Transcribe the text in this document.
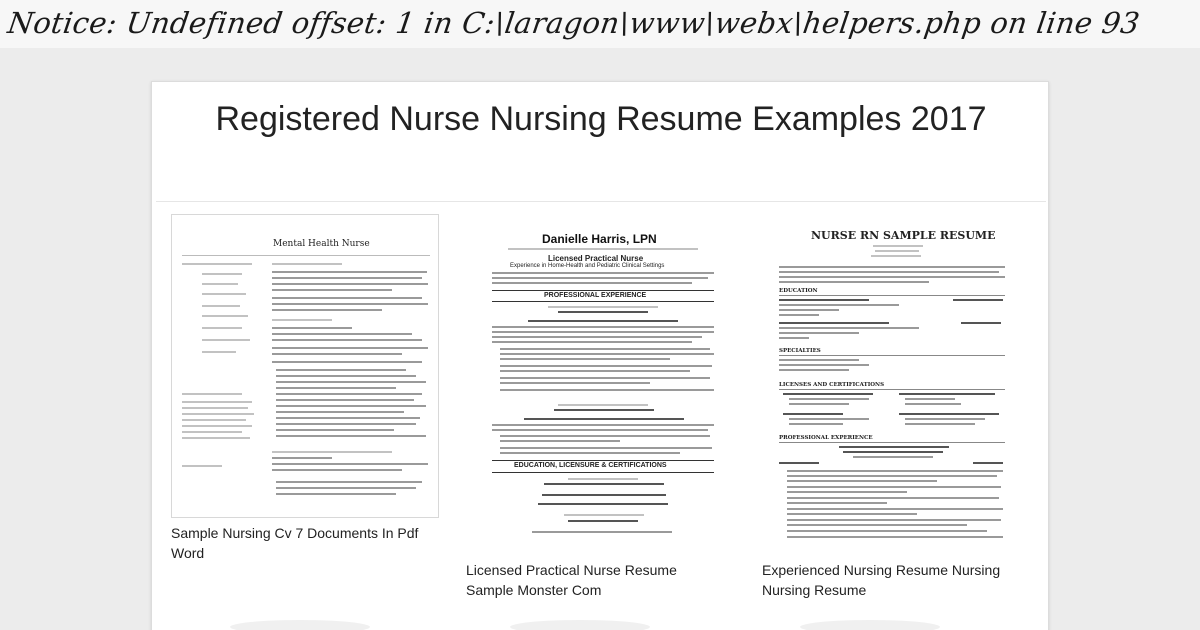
Notice: Undefined offset: 1 in C:\laragon\www\webx\helpers.php on line 93
Registered Nurse Nursing Resume Examples 2017
Mental Health Nurse
Sample Nursing Cv 7 Documents In Pdf Word
Danielle Harris, LPN
Licensed Practical Nurse
Experience in Home-Health and Pediatric Clinical Settings
PROFESSIONAL EXPERIENCE
EDUCATION, LICENSURE & CERTIFICATIONS
Licensed Practical Nurse Resume Sample Monster Com
NURSE RN SAMPLE RESUME
EDUCATION
SPECIALTIES
LICENSES AND CERTIFICATIONS
PROFESSIONAL EXPERIENCE
Experienced Nursing Resume Nursing Nursing Resume
